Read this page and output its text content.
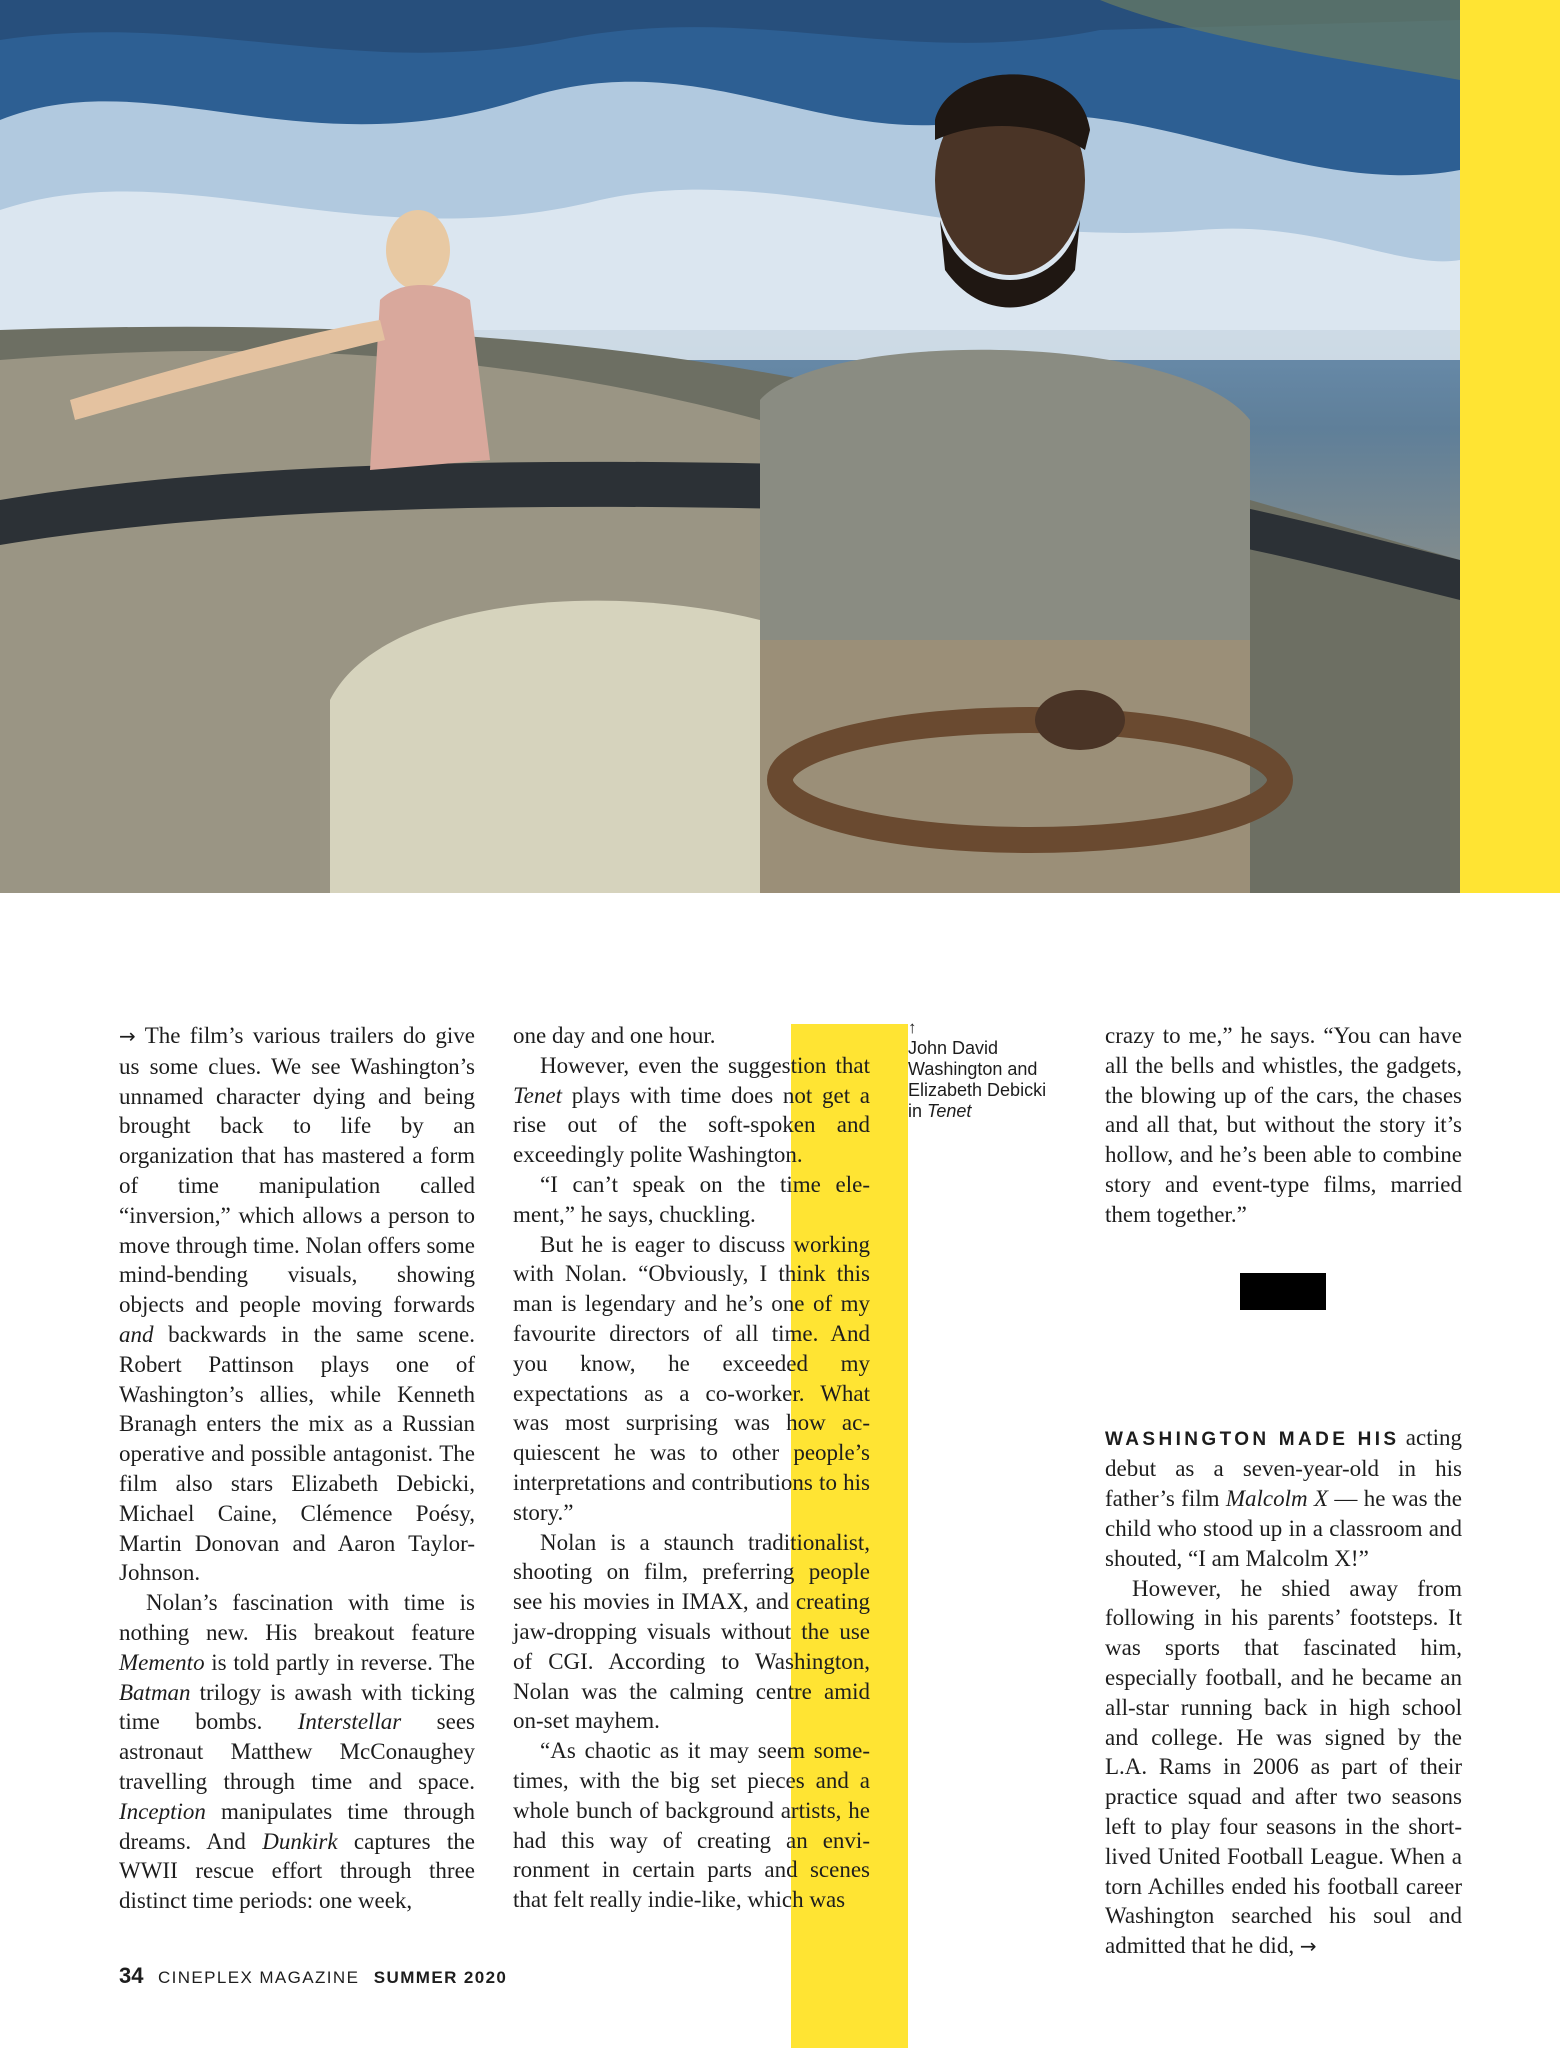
→ The film’s various trailers do give us some clues. We see Washington’s unnamed character dying and being brought back to life by an organization that has mastered a form of time manipulation called “inversion,” which allows a person to move through time. Nolan offers some mind-bending visuals, showing objects and people moving forwards and backwards in the same scene. Robert Pattinson plays one of Washington’s allies, while Kenneth Branagh enters the mix as a Russian operative and possible antagonist. The film also stars Elizabeth Debicki, Michael Caine, Clémence Poésy, Martin Donovan and Aaron Taylor-Johnson.

Nolan’s fascination with time is nothing new. His breakout feature Memento is told partly in reverse. The Batman trilogy is awash with ticking time bombs. Interstellar sees astronaut Matthew McConaughey travelling through time and space. Inception manipulates time through dreams. And Dunkirk captures the WWII rescue effort through three distinct time periods: one week,

one day and one hour.

However, even the suggestion that Tenet plays with time does not get a rise out of the soft-spoken and exceedingly polite Washington.

“I can’t speak on the time element,” he says, chuckling.

But he is eager to discuss working with Nolan. “Obviously, I think this man is legendary and he’s one of my favourite directors of all time. And you know, he exceeded my expectations as a co-worker. What was most surprising was how acquiescent he was to other people’s interpretations and contributions to his story.”

Nolan is a staunch traditionalist, shooting on film, preferring people see his movies in IMAX, and creating jaw-dropping visuals without the use of CGI. According to Washington, Nolan was the calming centre amid on-set mayhem.

“As chaotic as it may seem sometimes, with the big set pieces and a whole bunch of background artists, he had this way of creating an environment in certain parts and scenes that felt really indie-like, which was

↑
John David Washington and Elizabeth Debicki in Tenet

crazy to me,” he says. “You can have all the bells and whistles, the gadgets, the blowing up of the cars, the chases and all that, but without the story it’s hollow, and he’s been able to combine story and event-type films, married them together.”

WASHINGTON MADE HIS acting debut as a seven-year-old in his father’s film Malcolm X — he was the child who stood up in a classroom and shouted, “I am Malcolm X!”

However, he shied away from following in his parents’ footsteps. It was sports that fascinated him, especially football, and he became an all-star running back in high school and college. He was signed by the L.A. Rams in 2006 as part of their practice squad and after two seasons left to play four seasons in the short-lived United Football League. When a torn Achilles ended his football career Washington searched his soul and admitted that he did, →

34 CINEPLEX MAGAZINE SUMMER 2020
